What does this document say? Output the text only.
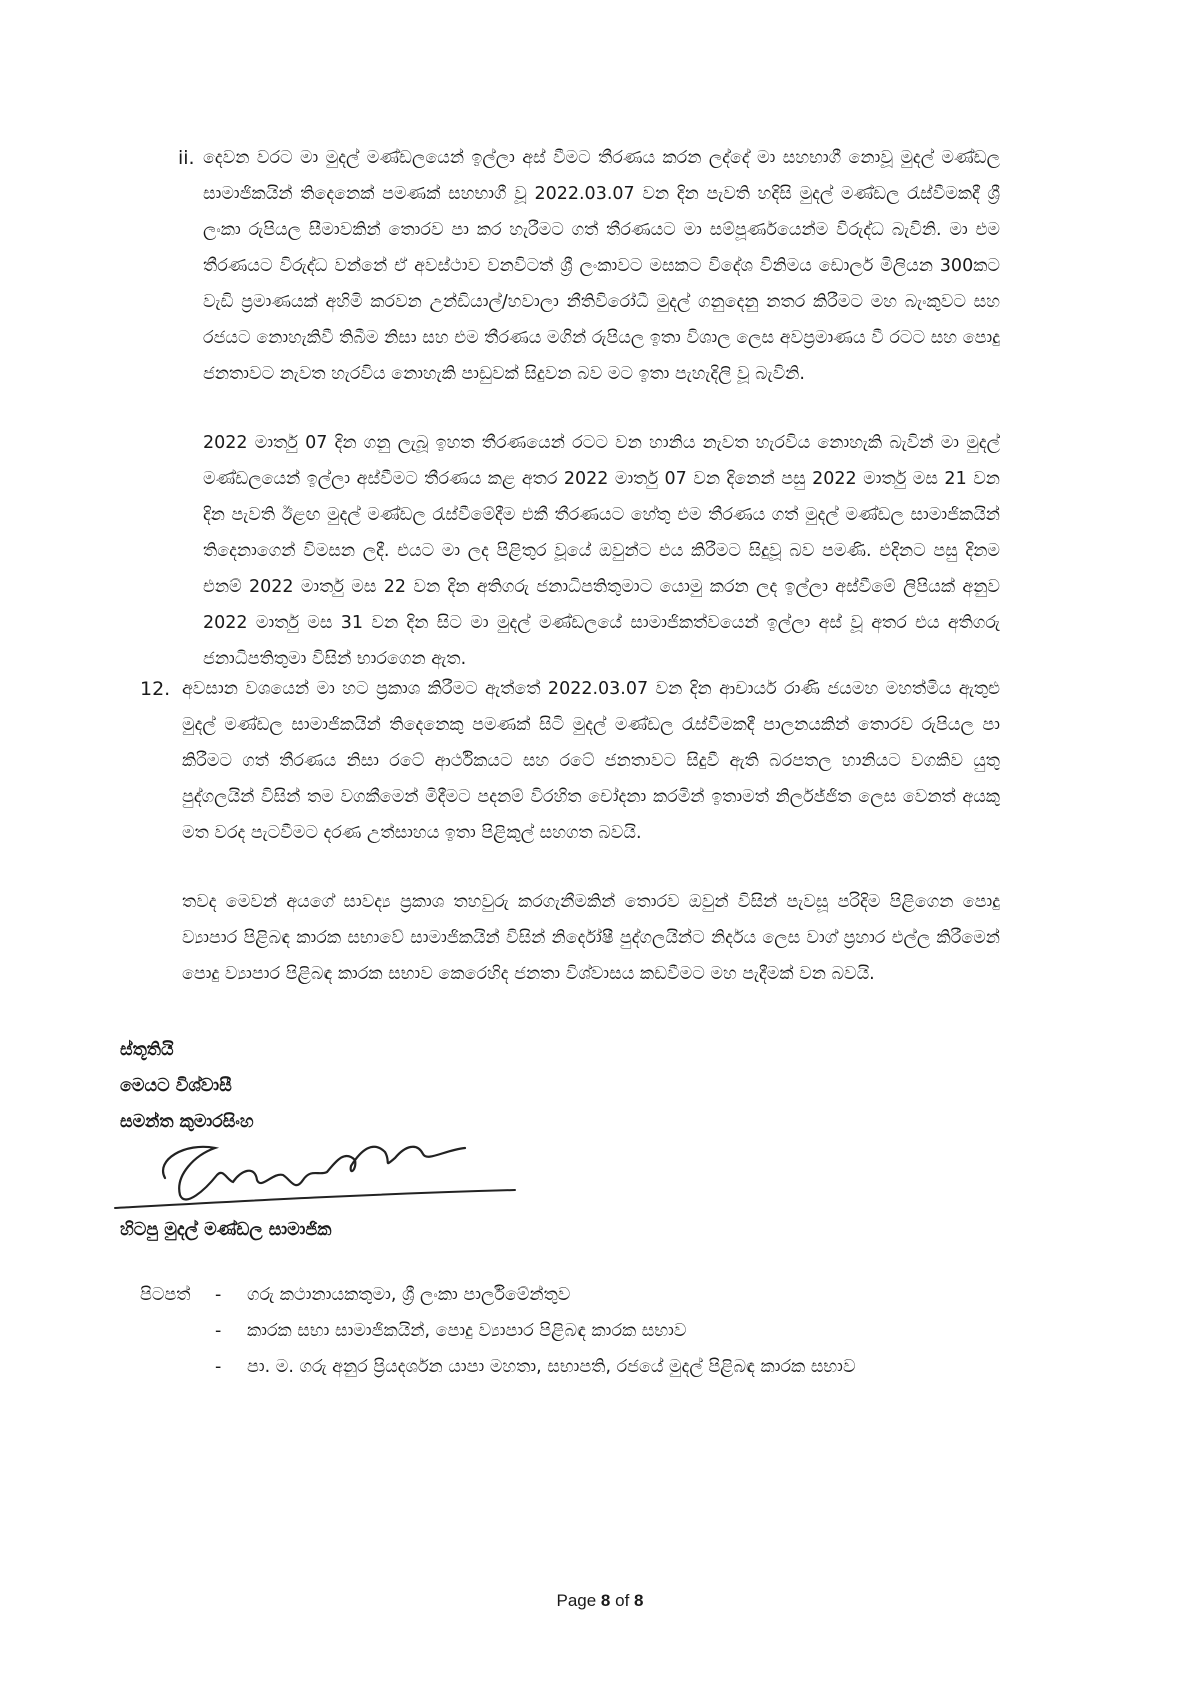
ii. දෙවන වරට මා මුදල් මණ්ඩලයෙන් ඉල්ලා අස් වීමට තීරණය කරන ලද්දේ මා සහභාගී නොවූ මුදල් මණ්ඩල සාමාජිකයින් තිදෙනෙක් පමණක් සහභාගී වූ 2022.03.07 වන දින පැවති හදිසි මුදල් මණ්ඩල රැස්වීමකදී ශ්‍රී ලංකා රුපියල සීමාවකින් තොරව පා කර හැරීමට ගත් තීරණයට මා සම්පූර්ණයෙන්ම විරුද්ධ බැවිනි. මා එම තීරණයට විරුද්ධ වන්නේ ඒ අවස්ථාව වනවිටත් ශ්‍රී ලංකාවට මසකට විදේශ විනිමය ඩොලර් මිලියන 300කට වැඩි ප්‍රමාණයක් අහිමි කරවන උන්ඩියාල්/හවාලා නීතිවිරෝධී මුදල් ගනුදෙනු නතර කිරීමට මහ බැංකුවට සහ රජයට නොහැකිවී තිබීම නිසා සහ එම තීරණය මගින් රුපියල ඉතා විශාල ලෙස අවප්‍රමාණය වී රටට සහ පොදු ජනතාවට නැවත හැරවිය නොහැකි පාඩුවක් සිදුවන බව මට ඉතා පැහැදිලි වූ බැවිනි.
2022 මාර්තු 07 දින ගනු ලැබූ ඉහත තීරණයෙන් රටට වන හානිය නැවත හැරවිය නොහැකි බැවින් මා මුදල් මණ්ඩලයෙන් ඉල්ලා අස්වීමට තීරණය කළ අතර 2022 මාර්තු 07 වන දිනෙන් පසු 2022 මාර්තු මස 21 වන දින පැවති ඊළඟ මුදල් මණ්ඩල රැස්වීමේදීම එකී තීරණයට හේතු එම තීරණය ගත් මුදල් මණ්ඩල සාමාජිකයින් තිදෙනාගෙන් විමසන ලදී. එයට මා ලද පිළිතුර වූයේ ඔවුන්ට එය කිරීමට සිදුවූ බව පමණි. එදිනට පසු දිනම එනම් 2022 මාර්තු මස 22 වන දින අතිගරු ජනාධිපතිතුමාට යොමු කරන ලද ඉල්ලා අස්වීමේ ලිපියක් අනුව 2022 මාර්තු මස 31 වන දින සිට මා මුදල් මණ්ඩලයේ සාමාජිකත්වයෙන් ඉල්ලා අස් වූ අතර එය අතිගරු ජනාධිපතිතුමා විසින් භාරගෙන ඇත.
12. අවසාන වශයෙන් මා හට ප්‍රකාශ කිරීමට ඇත්තේ 2022.03.07 වන දින ආචාර්ය රාණි ජයමහ මහත්මිය ඇතුළු මුදල් මණ්ඩල සාමාජිකයින් තිදෙනෙකු පමණක් සිටි මුදල් මණ්ඩල රැස්වීමකදී පාලනයකින් තොරව රුපියල පා කිරීමට ගත් තීරණය නිසා රටේ ආර්ථිකයට සහ රටේ ජනතාවට සිදුවී ඇති බරපතල හානියට වගකිව යුතු පුද්ගලයින් විසින් තම වගකීමෙන් මිදීමට පදනම් විරහිත චෝදනා කරමින් ඉතාමත් නිර්ලජ්ජිත ලෙස වෙනත් අයකු මත වරද පැටවීමට දරණ උත්සාහය ඉතා පිළිකුල් සහගත බවයි.
තවද මෙවන් අයගේ සාවද්‍ය ප්‍රකාශ තහවුරු කරගැනීමකින් තොරව ඔවුන් විසින් පැවසූ පරිදිම පිළිගෙන පොදු ව්‍යාපාර පිළිබඳ කාරක සභාවේ සාමාජිකයින් විසින් නිර්දෝෂී පුද්ගලයින්ට නිර්දය ලෙස වාග් ප්‍රහාර එල්ල කිරීමෙන් පොදු ව්‍යාපාර පිළිබඳ කාරක සභාව කෙරෙහිද ජනතා විශ්වාසය කඩවීමට මහ පැදීමක් වන බවයි.
ස්තූතියි
මෙයට විශ්වාසී
සමන්ත කුමාරසිංහ
හිටපු මුදල් මණ්ඩල සාමාජික
පිටපත්	-	ගරු කථානායකතුමා, ශ්‍රී ලංකා පාර්ලිමේන්තුව
-	කාරක සභා සාමාජිකයින්, පොදු ව්‍යාපාර පිළිබඳ කාරක සභාව
-	පා. ම. ගරු අනුර ප්‍රියදර්ශන යාපා මහතා, සභාපති, රජයේ මුදල් පිළිබඳ කාරක සභාව
Page 8 of 8
